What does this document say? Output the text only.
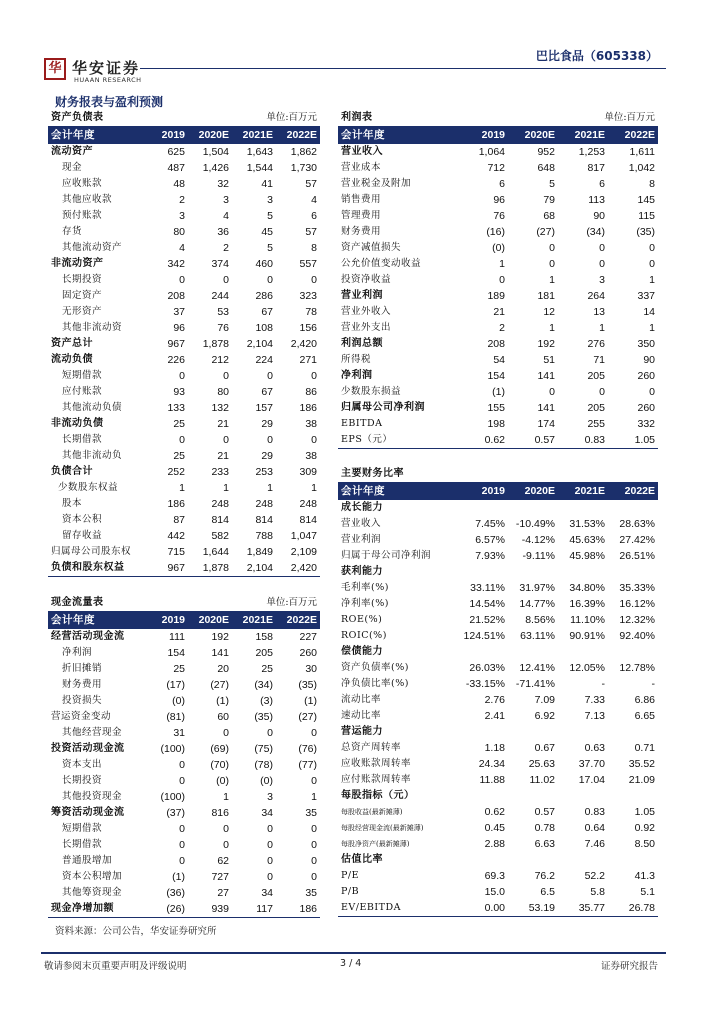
华 华安证券
HUAAN RESEARCH
巴比食品（605338）
财务报表与盈利预测
资产负债表			单位:百万元	
会计年度	2019	2020E	2021E	2022E
流动资产	625	1,504	1,643	1,862
现金	487	1,426	1,544	1,730
应收账款	48	32	41	57
其他应收款	2	3	3	4
预付账款	3	4	5	6
存货	80	36	45	57
其他流动资产	4	2	5	8
非流动资产	342	374	460	557
长期投资	0	0	0	0
固定资产	208	244	286	323
无形资产	37	53	67	78
其他非流动资	96	76	108	156
资产总计	967	1,878	2,104	2,420
流动负债	226	212	224	271
短期借款	0	0	0	0
应付账款	93	80	67	86
其他流动负债	133	132	157	186
非流动负债	25	21	29	38
长期借款	0	0	0	0
其他非流动负	25	21	29	38
负债合计	252	233	253	309
少数股东权益	1	1	1	1
股本	186	248	248	248
资本公积	87	814	814	814
留存收益	442	582	788	1,047
归属母公司股东权	715	1,644	1,849	2,109
负债和股东权益	967	1,878	2,104	2,420
利润表			单位:百万元	
会计年度	2019	2020E	2021E	2022E
营业收入	1,064	952	1,253	1,611
营业成本	712	648	817	1,042
营业税金及附加	6	5	6	8
销售费用	96	79	113	145
管理费用	76	68	90	115
财务费用	(16)	(27)	(34)	(35)
资产减值损失	(0)	0	0	0
公允价值变动收益	1	0	0	0
投资净收益	0	1	3	1
营业利润	189	181	264	337
营业外收入	21	12	13	14
营业外支出	2	1	1	1
利润总额	208	192	276	350
所得税	54	51	71	90
净利润	154	141	205	260
少数股东损益	(1)	0	0	0
归属母公司净利润	155	141	205	260
EBITDA	198	174	255	332
EPS（元）	0.62	0.57	0.83	1.05
现金流量表			单位:百万元	
会计年度	2019	2020E	2021E	2022E
经营活动现金流	111	192	158	227
净利润	154	141	205	260
折旧摊销	25	20	25	30
财务费用	(17)	(27)	(34)	(35)
投资损失	(0)	(1)	(3)	(1)
营运资金变动	(81)	60	(35)	(27)
其他经营现金	31	0	0	0
投资活动现金流	(100)	(69)	(75)	(76)
资本支出	0	(70)	(78)	(77)
长期投资	0	(0)	(0)	0
其他投资现金	(100)	1	3	1
筹资活动现金流	(37)	816	34	35
短期借款	0	0	0	0
长期借款	0	0	0	0
普通股增加	0	62	0	0
资本公积增加	(1)	727	0	0
其他筹资现金	(36)	27	34	35
现金净增加额	(26)	939	117	186
主要财务比率				
会计年度	2019	2020E	2021E	2022E
成长能力				
营业收入	7.45%	-10.49%	31.53%	28.63%
营业利润	6.57%	-4.12%	45.63%	27.42%
归属于母公司净利润	7.93%	-9.11%	45.98%	26.51%
获利能力				
毛利率(%)	33.11%	31.97%	34.80%	35.33%
净利率(%)	14.54%	14.77%	16.39%	16.12%
ROE(%)	21.52%	8.56%	11.10%	12.32%
ROIC(%)	124.51%	63.11%	90.91%	92.40%
偿债能力				
资产负债率(%)	26.03%	12.41%	12.05%	12.78%
净负债比率(%)	-33.15%	-71.41%	-	-
流动比率	2.76	7.09	7.33	6.86
速动比率	2.41	6.92	7.13	6.65
营运能力				
总资产周转率	1.18	0.67	0.63	0.71
应收账款周转率	24.34	25.63	37.70	35.52
应付账款周转率	11.88	11.02	17.04	21.09
每股指标（元）				
每股收益(最新摊薄)	0.62	0.57	0.83	1.05
每股经营现金流(最新摊薄)	0.45	0.78	0.64	0.92
每股净资产(最新摊薄)	2.88	6.63	7.46	8.50
估值比率				
P/E	69.3	76.2	52.2	41.3
P/B	15.0	6.5	5.8	5.1
EV/EBITDA	0.00	53.19	35.77	26.78
资料来源：公司公告，华安证券研究所
敬请参阅末页重要声明及评级说明	3 / 4	证券研究报告
